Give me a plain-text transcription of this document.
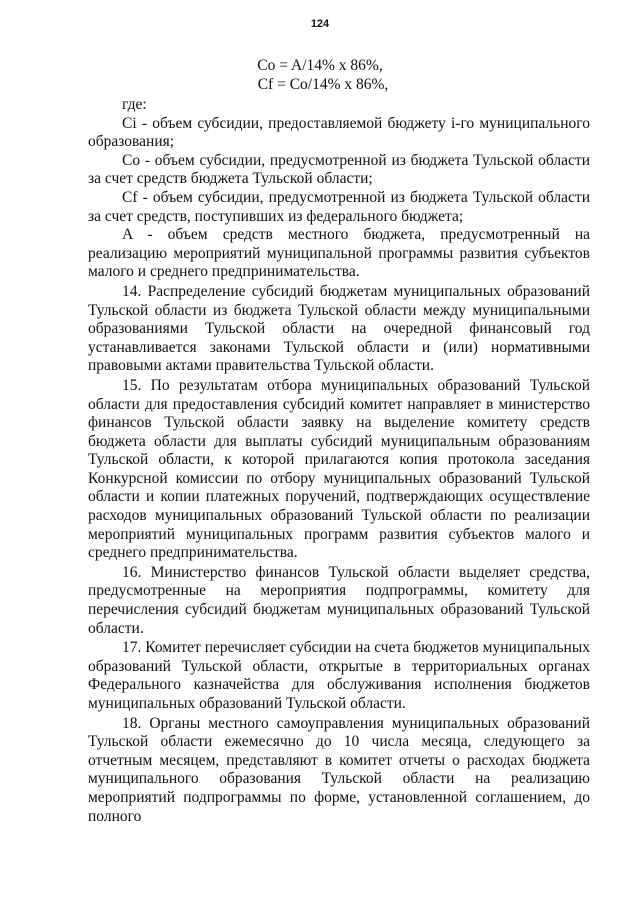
124
Co = A/14% x 86%,
Cf = Co/14% x 86%,

где:

Ci - объем субсидии, предоставляемой бюджету i-го муниципального образования;

Co - объем субсидии, предусмотренной из бюджета Тульской области за счет средств бюджета Тульской области;

Cf - объем субсидии, предусмотренной из бюджета Тульской области за счет средств, поступивших из федерального бюджета;

A - объем средств местного бюджета, предусмотренный на реализацию мероприятий муниципальной программы развития субъектов малого и среднего предпринимательства.

14. Распределение субсидий бюджетам муниципальных образований Тульской области из бюджета Тульской области между муниципальными образованиями Тульской области на очередной финансовый год устанавливается законами Тульской области и (или) нормативными правовыми актами правительства Тульской области.

15. По результатам отбора муниципальных образований Тульской области для предоставления субсидий комитет направляет в министерство финансов Тульской области заявку на выделение комитету средств бюджета области для выплаты субсидий муниципальным образованиям Тульской области, к которой прилагаются копия протокола заседания Конкурсной комиссии по отбору муниципальных образований Тульской области и копии платежных поручений, подтверждающих осуществление расходов муниципальных образований Тульской области по реализации мероприятий муниципальных программ развития субъектов малого и среднего предпринимательства.

16. Министерство финансов Тульской области выделяет средства, предусмотренные на мероприятия подпрограммы, комитету для перечисления субсидий бюджетам муниципальных образований Тульской области.

17. Комитет перечисляет субсидии на счета бюджетов муниципальных образований Тульской области, открытые в территориальных органах Федерального казначейства для обслуживания исполнения бюджетов муниципальных образований Тульской области.

18. Органы местного самоуправления муниципальных образований Тульской области ежемесячно до 10 числа месяца, следующего за отчетным месяцем, представляют в комитет отчеты о расходах бюджета муниципального образования Тульской области на реализацию мероприятий подпрограммы по форме, установленной соглашением, до полного
